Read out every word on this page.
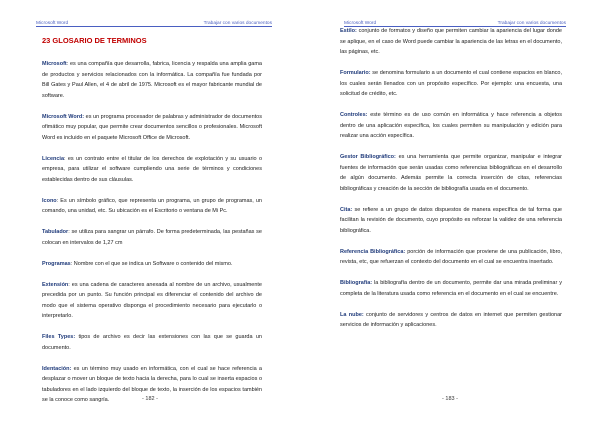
Microsoft Word	Trabajar con varios documentos
23 GLOSARIO DE TERMINOS

Microsoft: es una compañía que desarrolla, fabrica, licencia y respalda una amplia gama de productos y servicios relacionados con la informática. La compañía fue fundada por Bill Gates y Paul Allen, el 4 de abril de 1975. Microsoft es el mayor fabricante mundial de software.

Microsoft Word: es un programa procesador de palabras y administrador de documentos ofimático muy popular, que permite crear documentos sencillos o profesionales. Microsoft Word es incluido en el paquete Microsoft Office de Microsoft.

Licencia: es un contrato entre el titular de los derechos de explotación y su usuario o empresa, para utilizar el software cumpliendo una serie de términos y condiciones establecidas dentro de sus cláusulas.

Icono: Es un símbolo gráfico, que representa un programa, un grupo de programas, un comando, una unidad, etc. Su ubicación es el Escritorio o ventana de Mi Pc.

Tabulador: se utiliza para sangrar un párrafo. De forma predeterminada, las pestañas se colocan en intervalos de 1,27 cm

Programas: Nombre con el que se indica un Software o contenido del mismo.

Extensión: es una cadena de caracteres anexada al nombre de un archivo, usualmente precedida por un punto. Su función principal es diferenciar el contenido del archivo de modo que el sistema operativo disponga el procedimiento necesario para ejecutarlo o interpretarlo.

Files Types: tipos de archivo es decir las extensiones con las que se guarda un documento.

Identación: es un término muy usado en informática, con el cual se hace referencia a desplazar o mover un bloque de texto hacia la derecha, para lo cual se inserta espacios o tabuladores en el lado izquierdo del bloque de texto, la inserción de los espacios también se la conoce como sangría.	- 182 -
Microsoft Word	Trabajar con varios documentos

Estilo: conjunto de formatos y diseño que permiten cambiar la apariencia del lugar donde se aplique, en el caso de Word puede cambiar la apariencia de las letras en el documento, las páginas, etc.

Formulario: se denomina formulario a un documento el cual contiene espacios en blanco, los cuales serán llenados con un propósito específico. Por ejemplo: una encuesta, una solicitud de crédito, etc.

Controles: este término es de uso común en informática y hace referencia a objetos dentro de una aplicación específica, los cuales permiten su manipulación y edición para realizar una acción específica.

Gestor Bibliográfico: es una herramienta que permite organizar, manipular e integrar fuentes de información que serán usadas como referencias bibliográficas en el desarrollo de algún documento. Además permite la correcta inserción de citas, referencias bibliográficas y creación de la sección de bibliografía usada en el documento.

Cita: se refiere a un grupo de datos dispuestos de manera específica de tal forma que facilitan la revisión de documento, cuyo propósito es reforzar la validez de una referencia bibliográfica.

Referencia Bibliográfica: porción de información que proviene de una publicación, libro, revista, etc, que refuerzan el contexto del documento en el cual se encuentra insertado.

Bibliografía: la bibliografía dentro de un documento, permite dar una mirada preliminar y completa de la literatura usada como referencia en el documento en el cual se encuentre.

La nube: conjunto de servidores y centros de datos en internet que permiten gestionar servicios de información y aplicaciones.

- 183 -
